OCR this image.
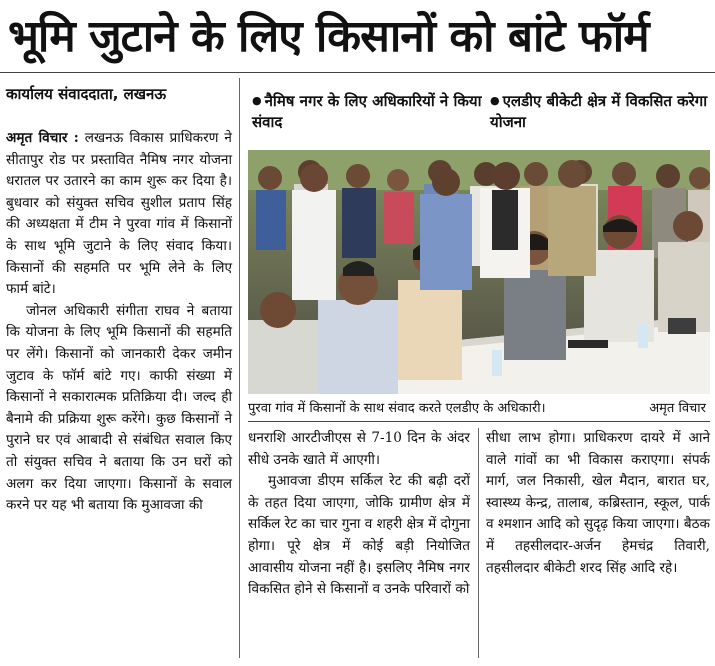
भूमि जुटाने के लिए किसानों को बांटे फॉर्म
कार्यालय संवाददाता, लखनऊ	● नैमिष नगर के लिए अधिकारियों ने किया संवाद
● एलडीए बीकेटी क्षेत्र में विकसित करेगा योजना

अमृत विचार : लखनऊ विकास प्राधिकरण ने सीतापुर रोड पर प्रस्तावित नैमिष नगर योजना धरातल पर उतारने का काम शुरू कर दिया है। बुधवार को संयुक्त सचिव सुशील प्रताप सिंह की अध्यक्षता में टीम ने पुरवा गांव में किसानों के साथ भूमि जुटाने के लिए संवाद किया। किसानों की सहमति पर भूमि लेने के लिए फार्म बांटे।

जोनल अधिकारी संगीता राघव ने बताया कि योजना के लिए भूमि किसानों की सहमति पर लेंगे। किसानों को जानकारी देकर जमीन जुटाव के फॉर्म बांटे गए। काफी संख्या में किसानों ने सकारात्मक प्रतिक्रिया दी। जल्द ही बैनामे की प्रक्रिया शुरू करेंगे। कुछ किसानों ने पुराने घर एवं आबादी से संबंधित सवाल किए तो संयुक्त सचिव ने बताया कि उन घरों को अलग कर दिया जाएगा। किसानों के सवाल करने पर यह भी बताया कि मुआवजा की

पुरवा गांव में किसानों के साथ संवाद करते एलडीए के अधिकारी।	अमृत विचार

धनराशि आरटीजीएस से 7-10 दिन के अंदर सीधे उनके खाते में आएगी।

मुआवजा डीएम सर्किल रेट की बढ़ी दरों के तहत दिया जाएगा, जोकि ग्रामीण क्षेत्र में सर्किल रेट का चार गुना व शहरी क्षेत्र में दोगुना होगा। पूरे क्षेत्र में कोई बड़ी नियोजित आवासीय योजना नहीं है। इसलिए नैमिष नगर विकसित होने से किसानों व उनके परिवारों को

सीधा लाभ होगा। प्राधिकरण दायरे में आने वाले गांवों का भी विकास कराएगा। संपर्क मार्ग, जल निकासी, खेल मैदान, बारात घर, स्वास्थ्य केन्द्र, तालाब, कब्रिस्तान, स्कूल, पार्क व श्मशान आदि को सुदृढ़ किया जाएगा। बैठक में तहसीलदार-अर्जन हेमचंद्र तिवारी, तहसीलदार बीकेटी शरद सिंह आदि रहे।
